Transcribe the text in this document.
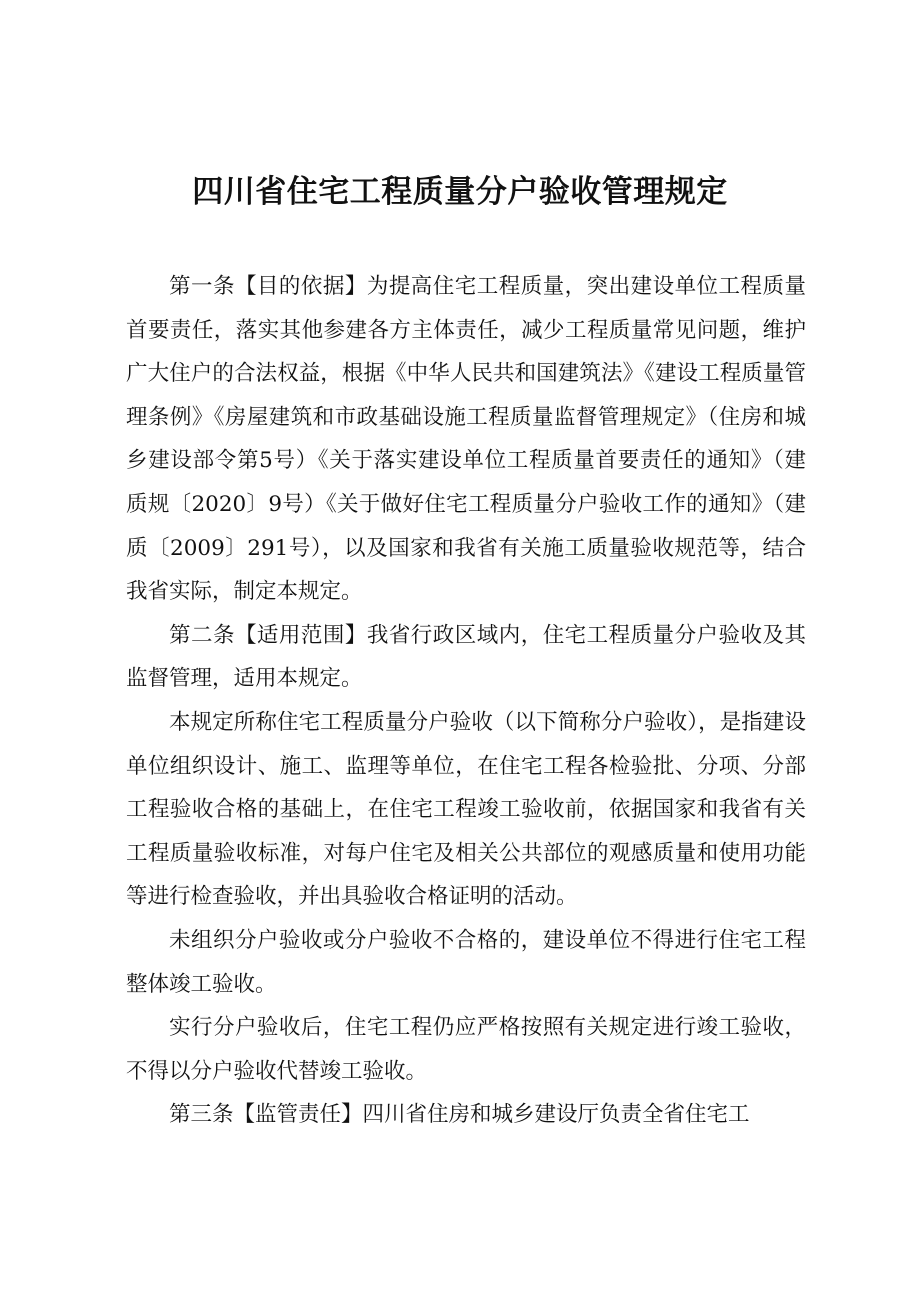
四川省住宅工程质量分户验收管理规定

第一条【目的依据】为提高住宅工程质量，突出建设单位工程质量首要责任，落实其他参建各方主体责任，减少工程质量常见问题，维护广大住户的合法权益，根据《中华人民共和国建筑法》《建设工程质量管理条例》《房屋建筑和市政基础设施工程质量监督管理规定》（住房和城乡建设部令第5号）《关于落实建设单位工程质量首要责任的通知》（建质规〔2020〕9号）《关于做好住宅工程质量分户验收工作的通知》（建质〔2009〕291号），以及国家和我省有关施工质量验收规范等，结合我省实际，制定本规定。

第二条【适用范围】我省行政区域内，住宅工程质量分户验收及其监督管理，适用本规定。

本规定所称住宅工程质量分户验收（以下简称分户验收），是指建设单位组织设计、施工、监理等单位，在住宅工程各检验批、分项、分部工程验收合格的基础上，在住宅工程竣工验收前，依据国家和我省有关工程质量验收标准，对每户住宅及相关公共部位的观感质量和使用功能等进行检查验收，并出具验收合格证明的活动。

未组织分户验收或分户验收不合格的，建设单位不得进行住宅工程整体竣工验收。

实行分户验收后，住宅工程仍应严格按照有关规定进行竣工验收，不得以分户验收代替竣工验收。

第三条【监管责任】四川省住房和城乡建设厅负责全省住宅工
